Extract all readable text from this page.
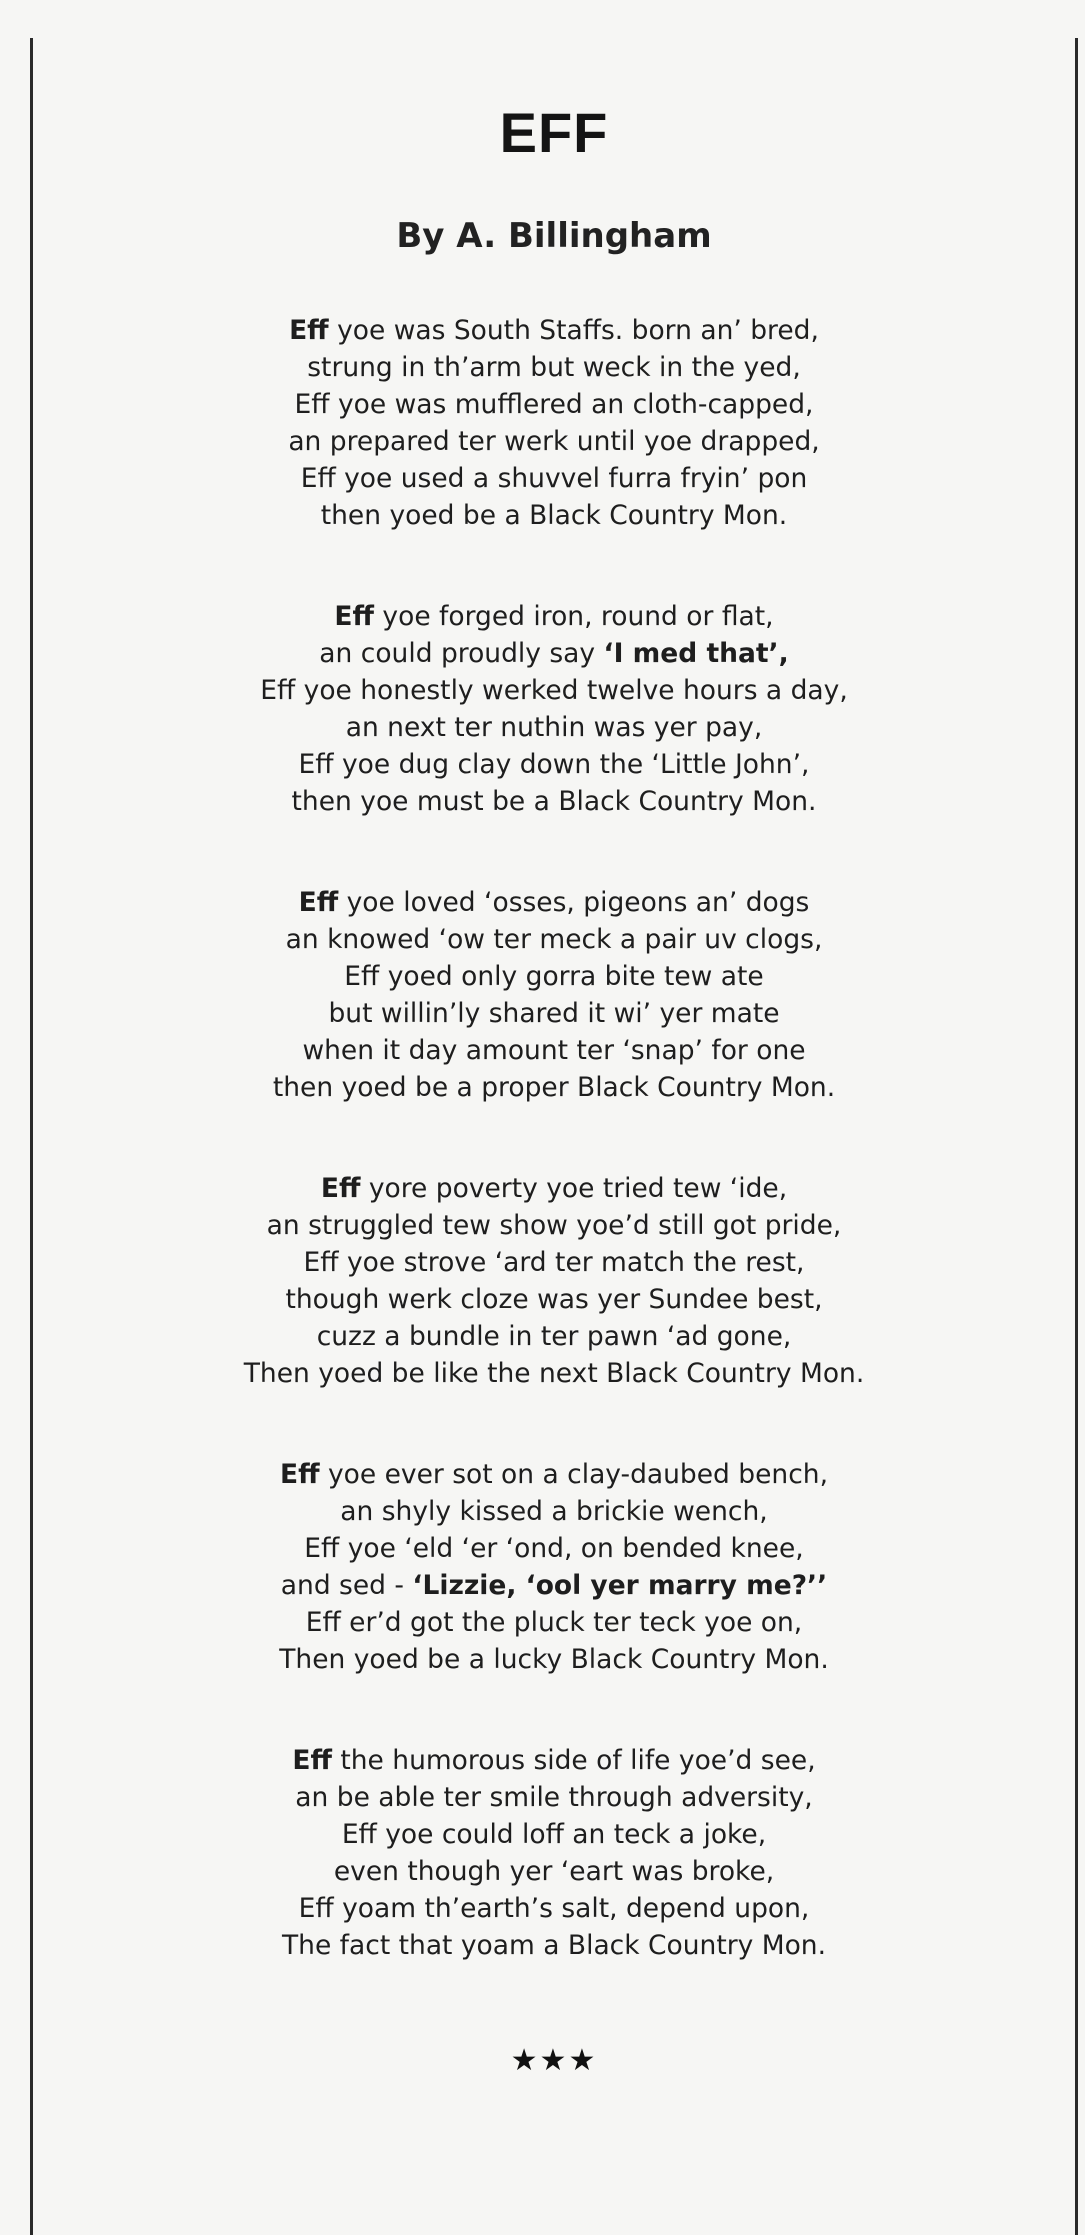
EFF
By A. Billingham
Eff yoe was South Staffs. born an’ bred,
strung in th’arm but weck in the yed,
Eff yoe was mufflered an cloth-capped,
an prepared ter werk until yoe drapped,
Eff yoe used a shuvvel furra fryin’ pon
then yoed be a Black Country Mon.
Eff yoe forged iron, round or flat,
an could proudly say ‘I med that’,
Eff yoe honestly werked twelve hours a day,
an next ter nuthin was yer pay,
Eff yoe dug clay down the ‘Little John’,
then yoe must be a Black Country Mon.
Eff yoe loved ‘osses, pigeons an’ dogs
an knowed ‘ow ter meck a pair uv clogs,
Eff yoed only gorra bite tew ate
but willin’ly shared it wi’ yer mate
when it day amount ter ‘snap’ for one
then yoed be a proper Black Country Mon.
Eff yore poverty yoe tried tew ‘ide,
an struggled tew show yoe’d still got pride,
Eff yoe strove ‘ard ter match the rest,
though werk cloze was yer Sundee best,
cuzz a bundle in ter pawn ‘ad gone,
Then yoed be like the next Black Country Mon.
Eff yoe ever sot on a clay-daubed bench,
an shyly kissed a brickie wench,
Eff yoe ‘eld ‘er ‘ond, on bended knee,
and sed - ‘Lizzie, ‘ool yer marry me?’’
Eff er’d got the pluck ter teck yoe on,
Then yoed be a lucky Black Country Mon.
Eff the humorous side of life yoe’d see,
an be able ter smile through adversity,
Eff yoe could loff an teck a joke,
even though yer ‘eart was broke,
Eff yoam th’earth’s salt, depend upon,
The fact that yoam a Black Country Mon.
★★★
